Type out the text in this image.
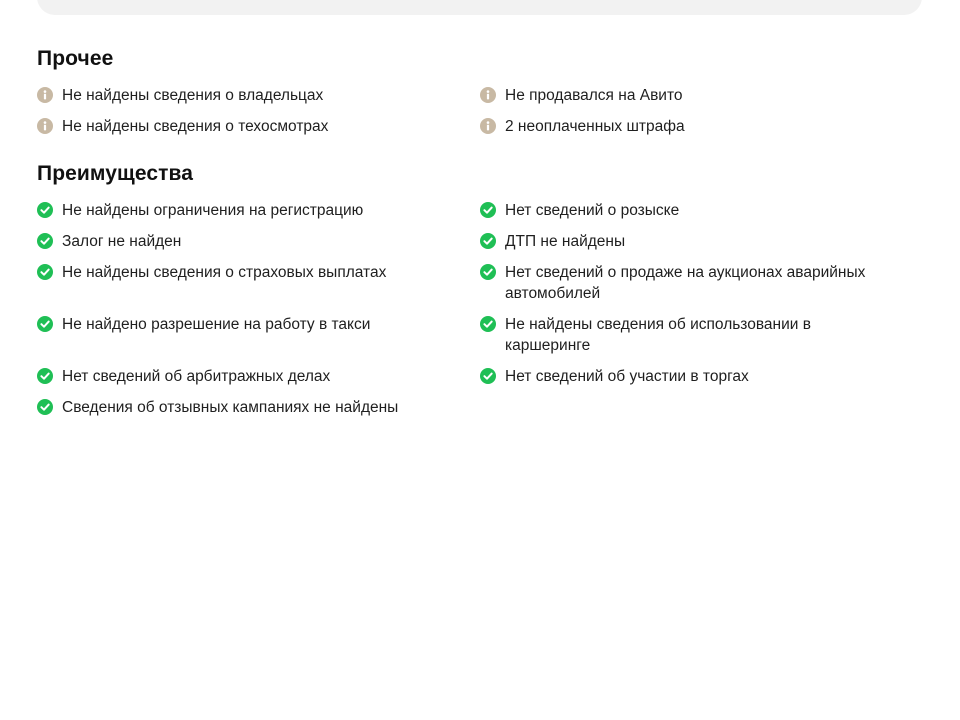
Прочее
Не найдены сведения о владельцах	Не продавался на Авито
Не найдены сведения о техосмотрах	2 неоплаченных штрафа
Преимущества
Не найдены ограничения на регистрацию	Нет сведений о розыске
Залог не найден	ДТП не найдены
Не найдены сведения о страховых выплатах	Нет сведений о продаже на аукционах аварийных автомобилей
Не найдено разрешение на работу в такси	Не найдены сведения об использовании в каршеринге
Нет сведений об арбитражных делах	Нет сведений об участии в торгах
Сведения об отзывных кампаниях не найдены
